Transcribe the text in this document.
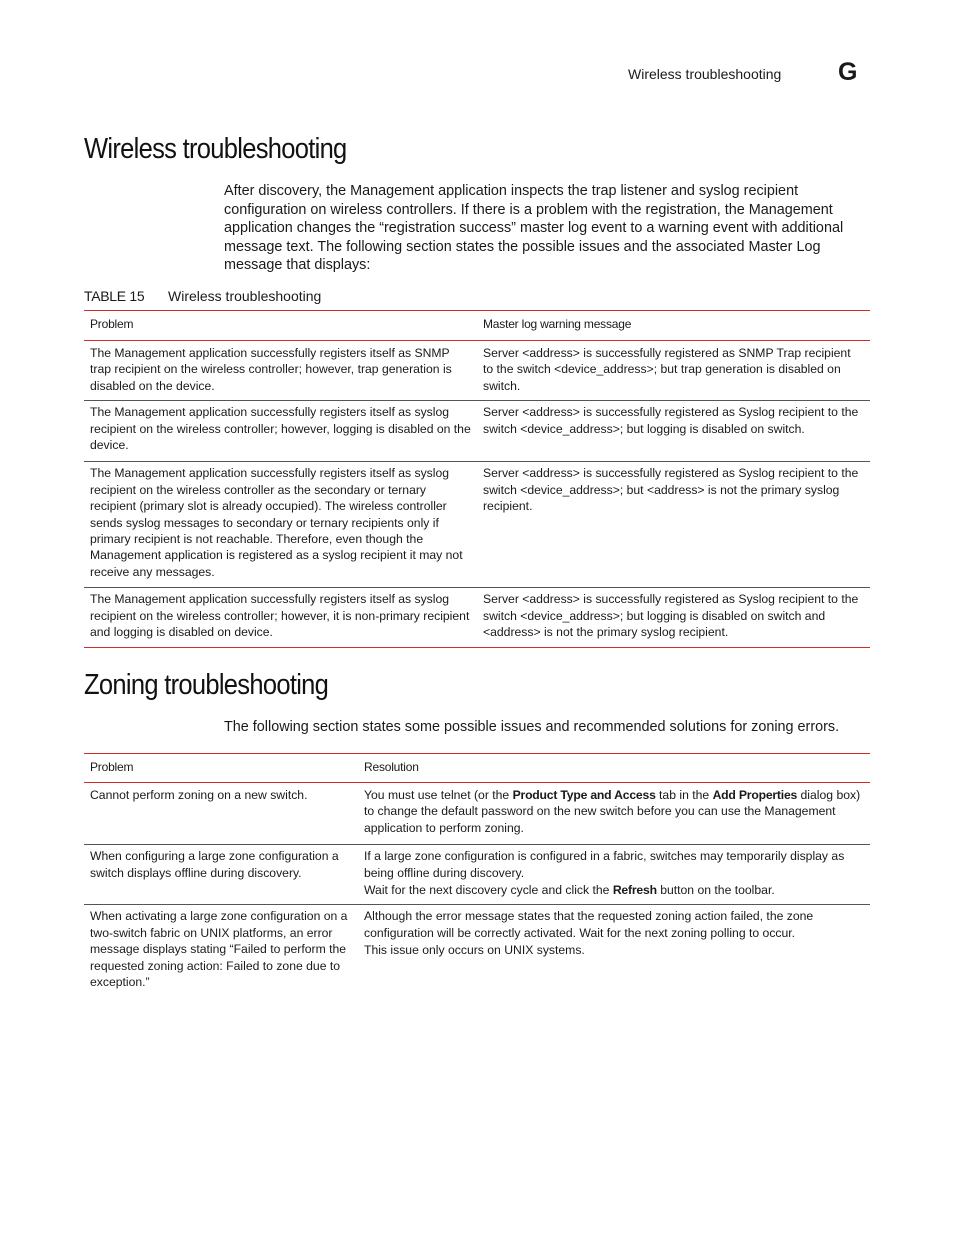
Wireless troubleshooting G
Wireless troubleshooting

After discovery, the Management application inspects the trap listener and syslog recipient configuration on wireless controllers. If there is a problem with the registration, the Management application changes the “registration success” master log event to a warning event with additional message text. The following section states the possible issues and the associated Master Log message that displays:

TABLE 15 Wireless troubleshooting
Problem	Master log warning message
The Management application successfully registers itself as SNMP trap recipient on the wireless controller; however, trap generation is disabled on the device.	Server <address> is successfully registered as SNMP Trap recipient to the switch <device_address>; but trap generation is disabled on switch.
The Management application successfully registers itself as syslog recipient on the wireless controller; however, logging is disabled on the device.	Server <address> is successfully registered as Syslog recipient to the switch <device_address>; but logging is disabled on switch.
The Management application successfully registers itself as syslog recipient on the wireless controller as the secondary or ternary recipient (primary slot is already occupied). The wireless controller sends syslog messages to secondary or ternary recipients only if primary recipient is not reachable. Therefore, even though the Management application is registered as a syslog recipient it may not receive any messages.	Server <address> is successfully registered as Syslog recipient to the switch <device_address>; but <address> is not the primary syslog recipient.
The Management application successfully registers itself as syslog recipient on the wireless controller; however, it is non-primary recipient and logging is disabled on device.	Server <address> is successfully registered as Syslog recipient to the switch <device_address>; but logging is disabled on switch and <address> is not the primary syslog recipient.
Zoning troubleshooting

The following section states some possible issues and recommended solutions for zoning errors.

Problem	Resolution
Cannot perform zoning on a new switch.	You must use telnet (or the Product Type and Access tab in the Add Properties dialog box) to change the default password on the new switch before you can use the Management application to perform zoning.
When configuring a large zone configuration a switch displays offline during discovery.	If a large zone configuration is configured in a fabric, switches may temporarily display as being offline during discovery.
Wait for the next discovery cycle and click the Refresh button on the toolbar.

When activating a large zone configuration on a two-switch fabric on UNIX platforms, an error message displays stating “Failed to perform the requested zoning action: Failed to zone due to exception.”	Although the error message states that the requested zoning action failed, the zone configuration will be correctly activated. Wait for the next zoning polling to occur.
This issue only occurs on UNIX systems.
